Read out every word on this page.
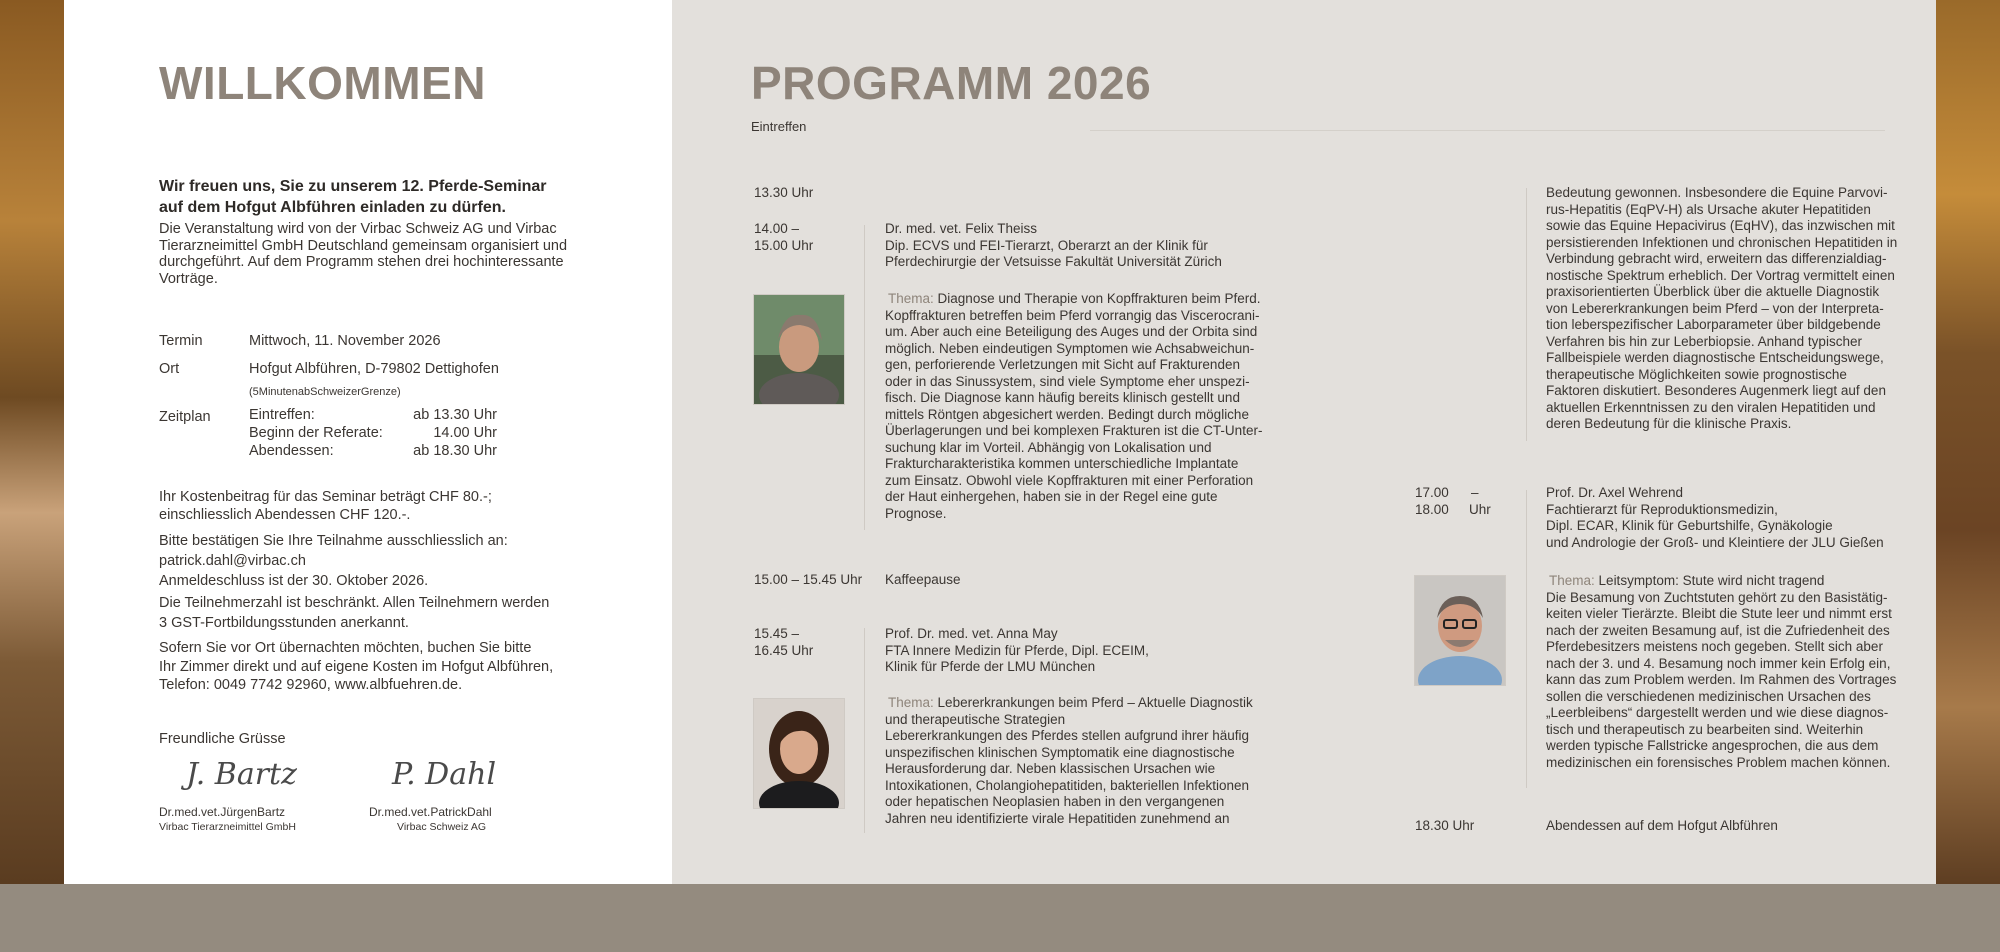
WILLKOMMEN
Wir freuen uns, Sie zu unserem 12. Pferde-Seminar
auf dem Hofgut Albführen einladen zu dürfen.
Die Veranstaltung wird von der Virbac Schweiz AG und Virbac
Tierarzneimittel GmbH Deutschland gemeinsam organisiert und
durchgeführt. Auf dem Programm stehen drei hochinteressante
Vorträge.
Termin	Mittwoch, 11. November 2026
Ort	Hofgut Albführen, D-79802 Dettighofen
(5MinutenabSchweizerGrenze)
Zeitplan	Eintreffen:	ab 13.30 Uhr
Beginn der Referate:	14.00 Uhr
Abendessen:	ab 18.30 Uhr
Ihr Kostenbeitrag für das Seminar beträgt CHF 80.-;
einschliesslich Abendessen CHF 120.-.
Bitte bestätigen Sie Ihre Teilnahme ausschliesslich an:
patrick.dahl@virbac.ch
Anmeldeschluss ist der 30. Oktober 2026.
Die Teilnehmerzahl ist beschränkt. Allen Teilnehmern werden
3 GST-Fortbildungsstunden anerkannt.
Sofern Sie vor Ort übernachten möchten, buchen Sie bitte
Ihr Zimmer direkt und auf eigene Kosten im Hofgut Albführen,
Telefon: 0049 7742 92960, www.albfuehren.de.
Freundliche Grüsse
J. Bartz	P. Dahl
Dr.med.vet.JürgenBartz
Virbac Tierarzneimittel GmbH
Dr.med.vet.PatrickDahl
Virbac Schweiz AG
PROGRAMM 2026
Eintreffen
13.30 Uhr
14.00 –
15.00 Uhr
Dr. med. vet. Felix Theiss
Dip. ECVS und FEI-Tierarzt, Oberarzt an der Klinik für
Pferdechirurgie der Vetsuisse Fakultät Universität Zürich
Thema: Diagnose und Therapie von Kopffrakturen beim Pferd.
Kopffrakturen betreffen beim Pferd vorrangig das Viscerocrani-
um. Aber auch eine Beteiligung des Auges und der Orbita sind
möglich. Neben eindeutigen Symptomen wie Achsabweichun-
gen, perforierende Verletzungen mit Sicht auf Frakturenden
oder in das Sinussystem, sind viele Symptome eher unspezi-
fisch. Die Diagnose kann häufig bereits klinisch gestellt und
mittels Röntgen abgesichert werden. Bedingt durch mögliche
Überlagerungen und bei komplexen Frakturen ist die CT-Unter-
suchung klar im Vorteil. Abhängig von Lokalisation und
Frakturcharakteristika kommen unterschiedliche Implantate
zum Einsatz. Obwohl viele Kopffrakturen mit einer Perforation
der Haut einhergehen, haben sie in der Regel eine gute
Prognose.
15.00 – 15.45 Uhr Kaffeepause
15.45 –
16.45 Uhr
Prof. Dr. med. vet. Anna May
FTA Innere Medizin für Pferde, Dipl. ECEIM,
Klinik für Pferde der LMU München
Thema: Lebererkrankungen beim Pferd – Aktuelle Diagnostik
und therapeutische Strategien
Lebererkrankungen des Pferdes stellen aufgrund ihrer häufig
unspezifischen klinischen Symptomatik eine diagnostische
Herausforderung dar. Neben klassischen Ursachen wie
Intoxikationen, Cholangiohepatitiden, bakteriellen Infektionen
oder hepatischen Neoplasien haben in den vergangenen
Jahren neu identifizierte virale Hepatitiden zunehmend an
Bedeutung gewonnen. Insbesondere die Equine Parvovi-
rus-Hepatitis (EqPV-H) als Ursache akuter Hepatitiden
sowie das Equine Hepacivirus (EqHV), das inzwischen mit
persistierenden Infektionen und chronischen Hepatitiden in
Verbindung gebracht wird, erweitern das differenzialdiag-
nostische Spektrum erheblich. Der Vortrag vermittelt einen
praxisorientierten Überblick über die aktuelle Diagnostik
von Lebererkrankungen beim Pferd – von der Interpreta-
tion leberspezifischer Laborparameter über bildgebende
Verfahren bis hin zur Leberbiopsie. Anhand typischer
Fallbeispiele werden diagnostische Entscheidungswege,
therapeutische Möglichkeiten sowie prognostische
Faktoren diskutiert. Besonderes Augenmerk liegt auf den
aktuellen Erkenntnissen zu den viralen Hepatitiden und
deren Bedeutung für die klinische Praxis.
17.00 –
18.00 Uhr
Prof. Dr. Axel Wehrend
Fachtierarzt für Reproduktionsmedizin,
Dipl. ECAR, Klinik für Geburtshilfe, Gynäkologie
und Andrologie der Groß- und Kleintiere der JLU Gießen
Thema: Leitsymptom: Stute wird nicht tragend
Die Besamung von Zuchtstuten gehört zu den Basistätig-
keiten vieler Tierärzte. Bleibt die Stute leer und nimmt erst
nach der zweiten Besamung auf, ist die Zufriedenheit des
Pferdebesitzers meistens noch gegeben. Stellt sich aber
nach der 3. und 4. Besamung noch immer kein Erfolg ein,
kann das zum Problem werden. Im Rahmen des Vortrages
sollen die verschiedenen medizinischen Ursachen des
„Leerbleibens“ dargestellt werden und wie diese diagnos-
tisch und therapeutisch zu bearbeiten sind. Weiterhin
werden typische Fallstricke angesprochen, die aus dem
medizinischen ein forensisches Problem machen können.
18.30 Uhr	Abendessen auf dem Hofgut Albführen
